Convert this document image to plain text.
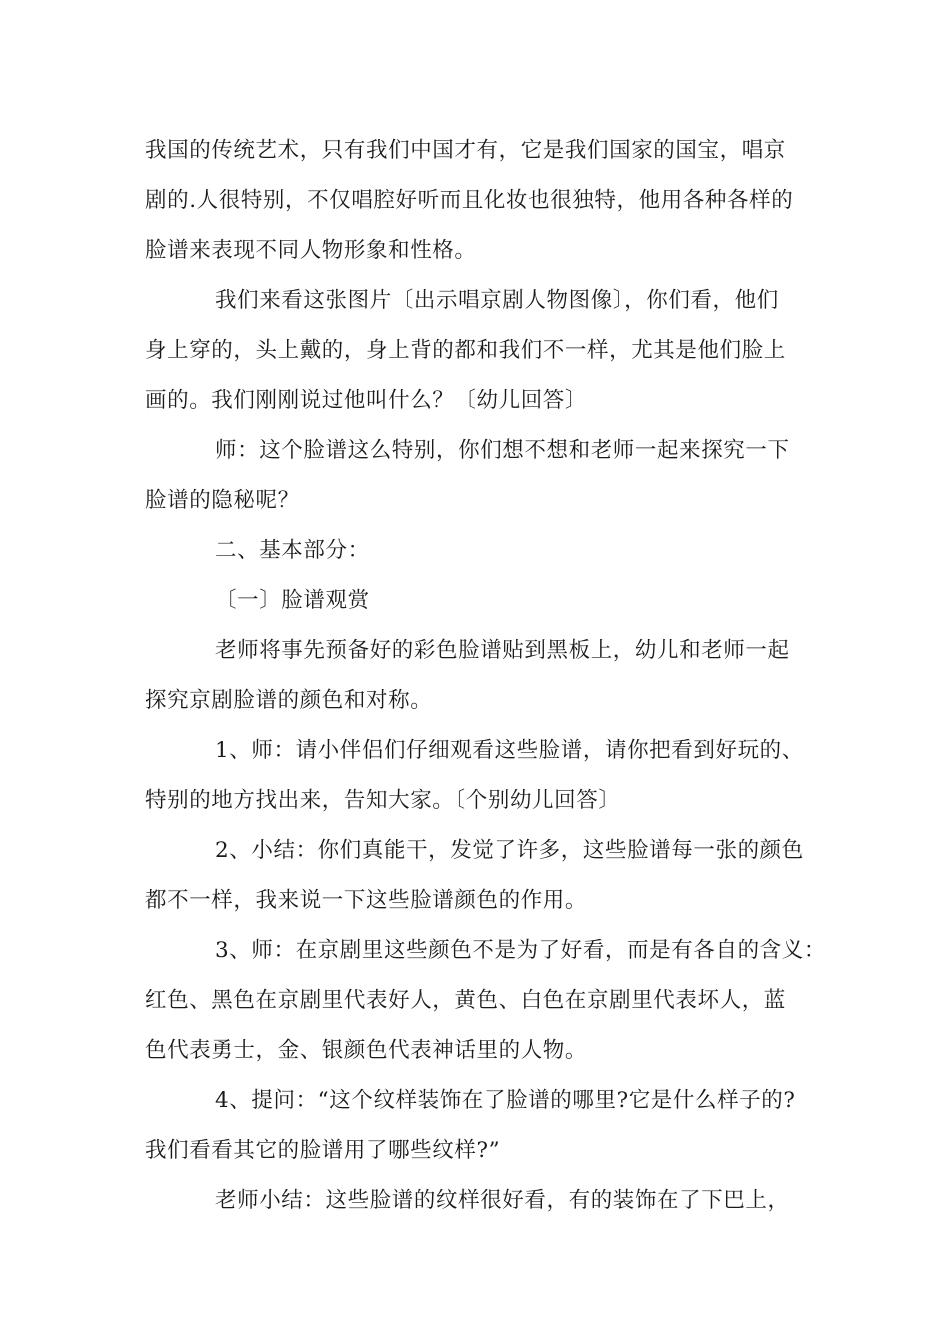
我国的传统艺术，只有我们中国才有，它是我们国家的国宝，唱京

剧的.人很特别，不仅唱腔好听而且化妆也很独特，他用各种各样的

脸谱来表现不同人物形象和性格。

我们来看这张图片〔出示唱京剧人物图像〕，你们看，他们

身上穿的，头上戴的，身上背的都和我们不一样，尤其是他们脸上

画的。我们刚刚说过他叫什么？〔幼儿回答〕

师：这个脸谱这么特别，你们想不想和老师一起来探究一下

脸谱的隐秘呢？

二、基本部分：

〔一〕脸谱观赏

老师将事先预备好的彩色脸谱贴到黑板上，幼儿和老师一起

探究京剧脸谱的颜色和对称。

1、师：请小伴侣们仔细观看这些脸谱，请你把看到好玩的、

特别的地方找出来，告知大家。〔个别幼儿回答〕

2、小结：你们真能干，发觉了许多，这些脸谱每一张的颜色

都不一样，我来说一下这些脸谱颜色的作用。

3、师：在京剧里这些颜色不是为了好看，而是有各自的含义：

红色、黑色在京剧里代表好人，黄色、白色在京剧里代表坏人，蓝

色代表勇士，金、银颜色代表神话里的人物。

4、提问：“这个纹样装饰在了脸谱的哪里?它是什么样子的?

我们看看其它的脸谱用了哪些纹样?”

老师小结：这些脸谱的纹样很好看，有的装饰在了下巴上，
